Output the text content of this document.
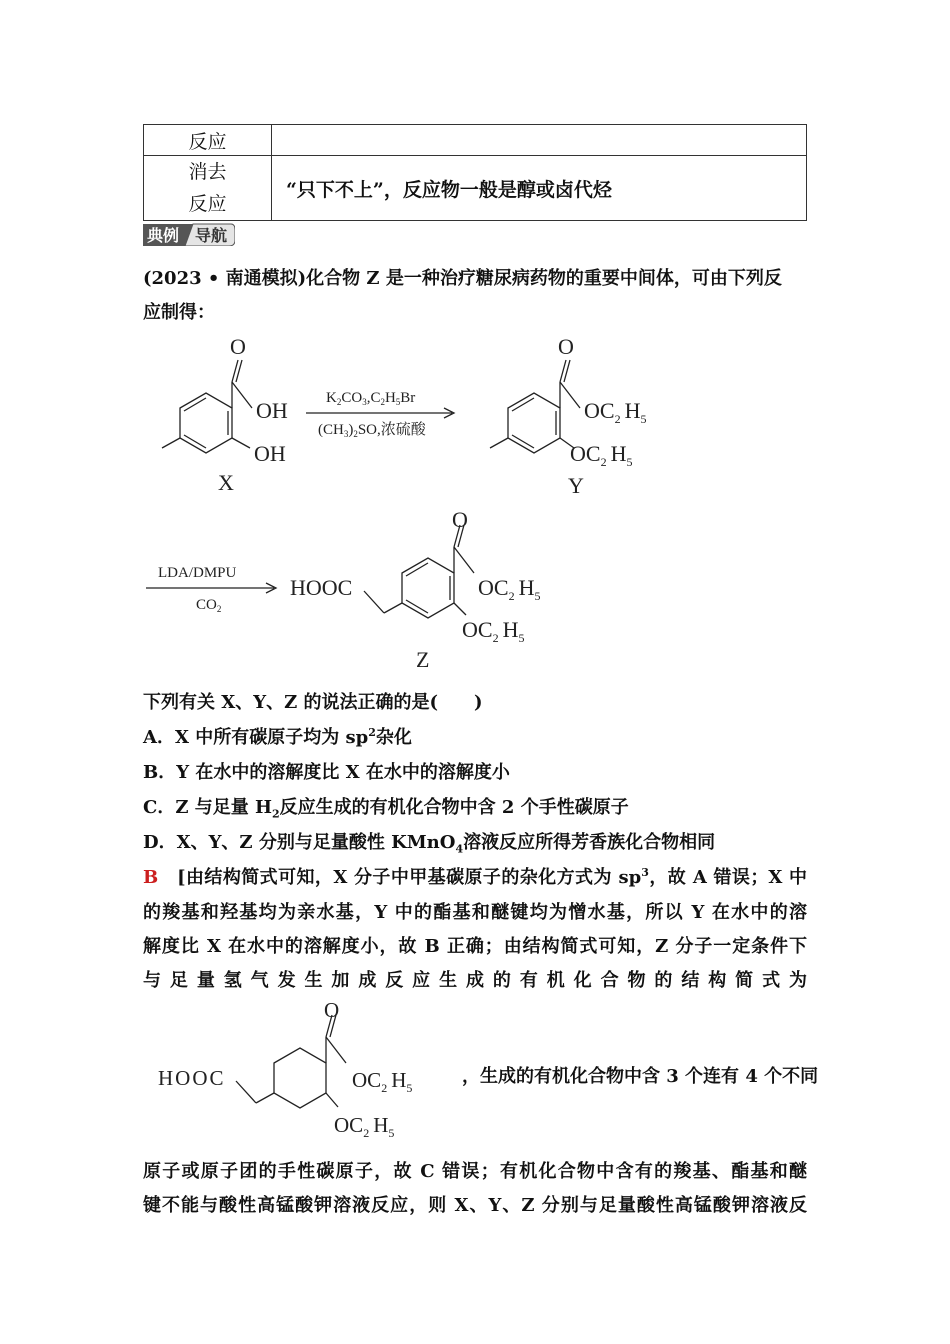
反应	

消去
反应	“只下不上”，反应物一般是醇或卤代烃
典例 导航
(2023 • 南通模拟)化合物 Z 是一种治疗糖尿病药物的重要中间体，可由下列反
应制得：
O
OH
OH
X
O
$OC_2$ $H_5$
$OC_2$ $H_5$
Y
$K_2CO_3,C_2H_5Br$
$(CH_3)_2SO$,浓硫酸
HOOC
O
$OC_2$ $H_5$
$OC_2$ $H_5$
Z
LDA/DMPU
$CO_2$
下列有关 X、Y、Z 的说法正确的是(　　)
A．X 中所有碳原子均为 $sp^2$杂化
B．Y 在水中的溶解度比 X 在水中的溶解度小
C．Z 与足量 $H_2$反应生成的有机化合物中含 2 个手性碳原子
D．X、Y、Z 分别与足量酸性 KMnO$_4$溶液反应所得芳香族化合物相同
B　 [由结构简式可知，X 分子中甲基碳原子的杂化方式为 $sp^3$，故 A 错误；X 中
的羧基和羟基均为亲水基，Y 中的酯基和醚键均为憎水基，所以 Y 在水中的溶
解度比 X 在水中的溶解度小，故 B 正确；由结构简式可知，Z 分子一定条件下
与足量氢气发生加成反应生成的有机化合物的结构简式为
HOOC
O
$OC_2$ $H_5$
$OC_2$ $H_5$
，生成的有机化合物中含 3 个连有 4 个不同
原子或原子团的手性碳原子，故 C 错误；有机化合物中含有的羧基、酯基和醚
键不能与酸性高锰酸钾溶液反应，则 X、Y、Z 分别与足量酸性高锰酸钾溶液反
